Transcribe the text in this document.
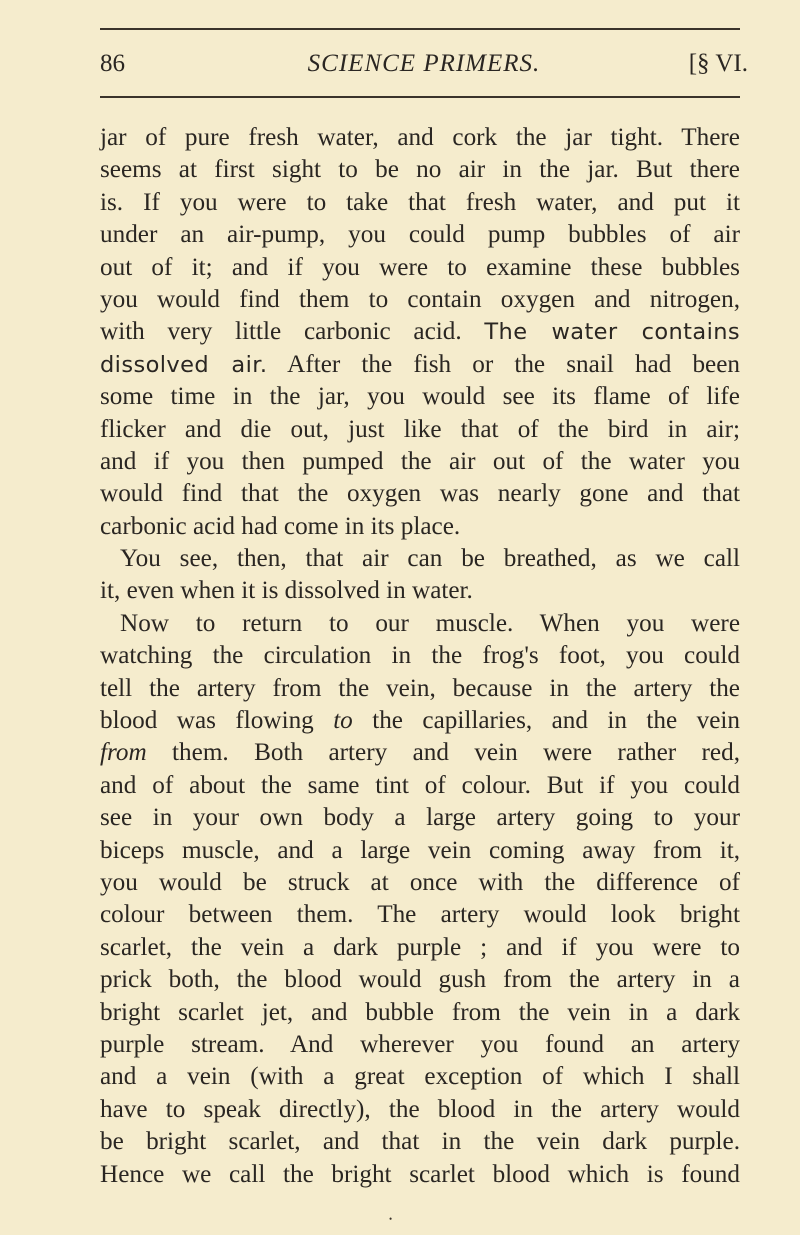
86	SCIENCE PRIMERS.	[§ VI.
jar of pure fresh water, and cork the jar tight. There
seems at first sight to be no air in the jar. But there
is. If you were to take that fresh water, and put it
under an air-pump, you could pump bubbles of air
out of it; and if you were to examine these bubbles
you would find them to contain oxygen and nitrogen,
with very little carbonic acid. The water contains
dissolved air. After the fish or the snail had been
some time in the jar, you would see its flame of life
flicker and die out, just like that of the bird in air;
and if you then pumped the air out of the water you
would find that the oxygen was nearly gone and that
carbonic acid had come in its place.
You see, then, that air can be breathed, as we call
it, even when it is dissolved in water.
Now to return to our muscle. When you were
watching the circulation in the frog's foot, you could
tell the artery from the vein, because in the artery the
blood was flowing to the capillaries, and in the vein
from them. Both artery and vein were rather red,
and of about the same tint of colour. But if you could
see in your own body a large artery going to your
biceps muscle, and a large vein coming away from it,
you would be struck at once with the difference of
colour between them. The artery would look bright
scarlet, the vein a dark purple ; and if you were to
prick both, the blood would gush from the artery in a
bright scarlet jet, and bubble from the vein in a dark
purple stream. And wherever you found an artery
and a vein (with a great exception of which I shall
have to speak directly), the blood in the artery would
be bright scarlet, and that in the vein dark purple.
Hence we call the bright scarlet blood which is found
•
